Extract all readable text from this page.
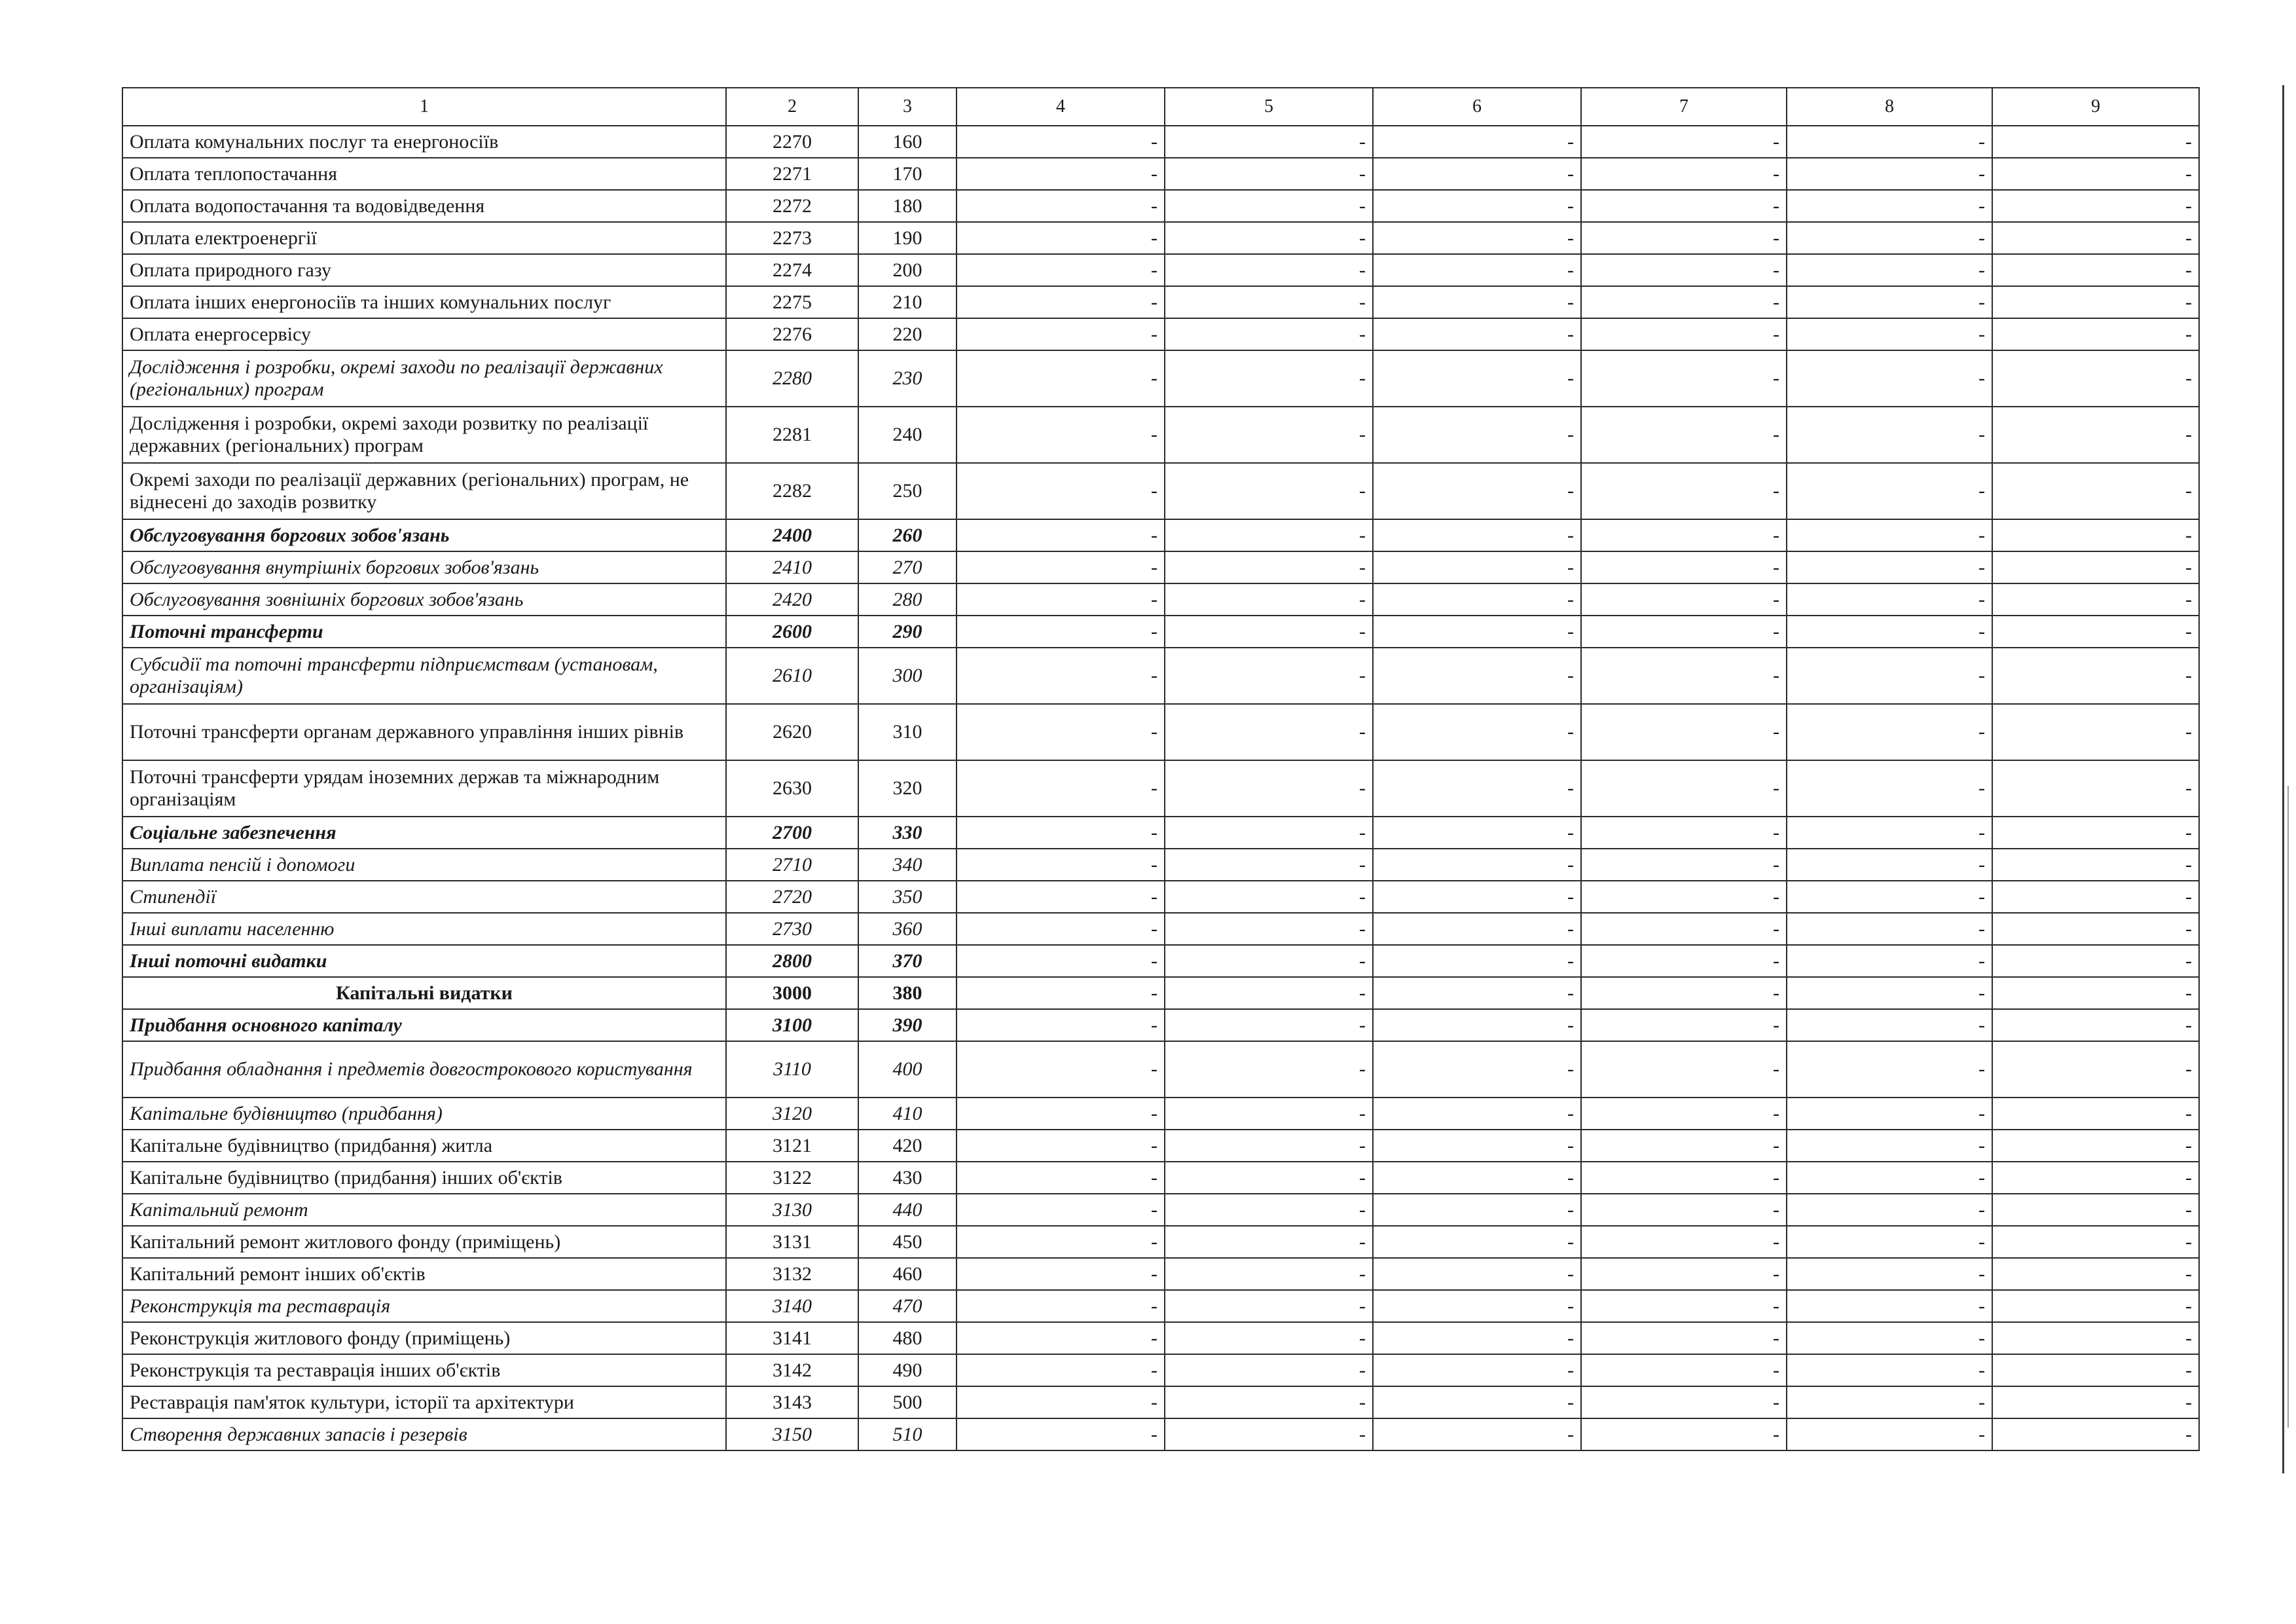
1	2	3	4	5	6	7	8	9
Оплата комунальних послуг та енергоносіїв	2270	160	-	-	-	-	-	-
Оплата теплопостачання	2271	170	-	-	-	-	-	-
Оплата водопостачання та водовідведення	2272	180	-	-	-	-	-	-
Оплата електроенергії	2273	190	-	-	-	-	-	-
Оплата природного газу	2274	200	-	-	-	-	-	-
Оплата інших енергоносіїв та інших комунальних послуг	2275	210	-	-	-	-	-	-
Оплата енергосервісу	2276	220	-	-	-	-	-	-
Дослідження і розробки, окремі заходи по реалізації державних (регіональних) програм	2280	230	-	-	-	-	-	-
Дослідження і розробки, окремі заходи розвитку по реалізації державних (регіональних) програм	2281	240	-	-	-	-	-	-
Окремі заходи по реалізації державних (регіональних) програм, не віднесені до заходів розвитку	2282	250	-	-	-	-	-	-
Обслуговування боргових зобов'язань	2400	260	-	-	-	-	-	-
Обслуговування внутрішніх боргових зобов'язань	2410	270	-	-	-	-	-	-
Обслуговування зовнішніх боргових зобов'язань	2420	280	-	-	-	-	-	-
Поточні трансферти	2600	290	-	-	-	-	-	-
Субсидії та поточні трансферти підприємствам (установам, організаціям)	2610	300	-	-	-	-	-	-
Поточні трансферти органам державного управління інших рівнів	2620	310	-	-	-	-	-	-
Поточні трансферти урядам іноземних держав та міжнародним організаціям	2630	320	-	-	-	-	-	-
Соціальне забезпечення	2700	330	-	-	-	-	-	-
Виплата пенсій і допомоги	2710	340	-	-	-	-	-	-
Стипендії	2720	350	-	-	-	-	-	-
Інші виплати населенню	2730	360	-	-	-	-	-	-
Інші поточні видатки	2800	370	-	-	-	-	-	-
Капітальні видатки	3000	380	-	-	-	-	-	-
Придбання основного капіталу	3100	390	-	-	-	-	-	-
Придбання обладнання і предметів довгострокового користування	3110	400	-	-	-	-	-	-
Капітальне будівництво (придбання)	3120	410	-	-	-	-	-	-
Капітальне будівництво (придбання) житла	3121	420	-	-	-	-	-	-
Капітальне будівництво (придбання) інших об'єктів	3122	430	-	-	-	-	-	-
Капітальний ремонт	3130	440	-	-	-	-	-	-
Капітальний ремонт житлового фонду (приміщень)	3131	450	-	-	-	-	-	-
Капітальний ремонт інших об'єктів	3132	460	-	-	-	-	-	-
Реконструкція та реставрація	3140	470	-	-	-	-	-	-
Реконструкція житлового фонду (приміщень)	3141	480	-	-	-	-	-	-
Реконструкція та реставрація інших об'єктів	3142	490	-	-	-	-	-	-
Реставрація пам'яток культури, історії та архітектури	3143	500	-	-	-	-	-	-
Створення державних запасів і резервів	3150	510	-	-	-	-	-	-
